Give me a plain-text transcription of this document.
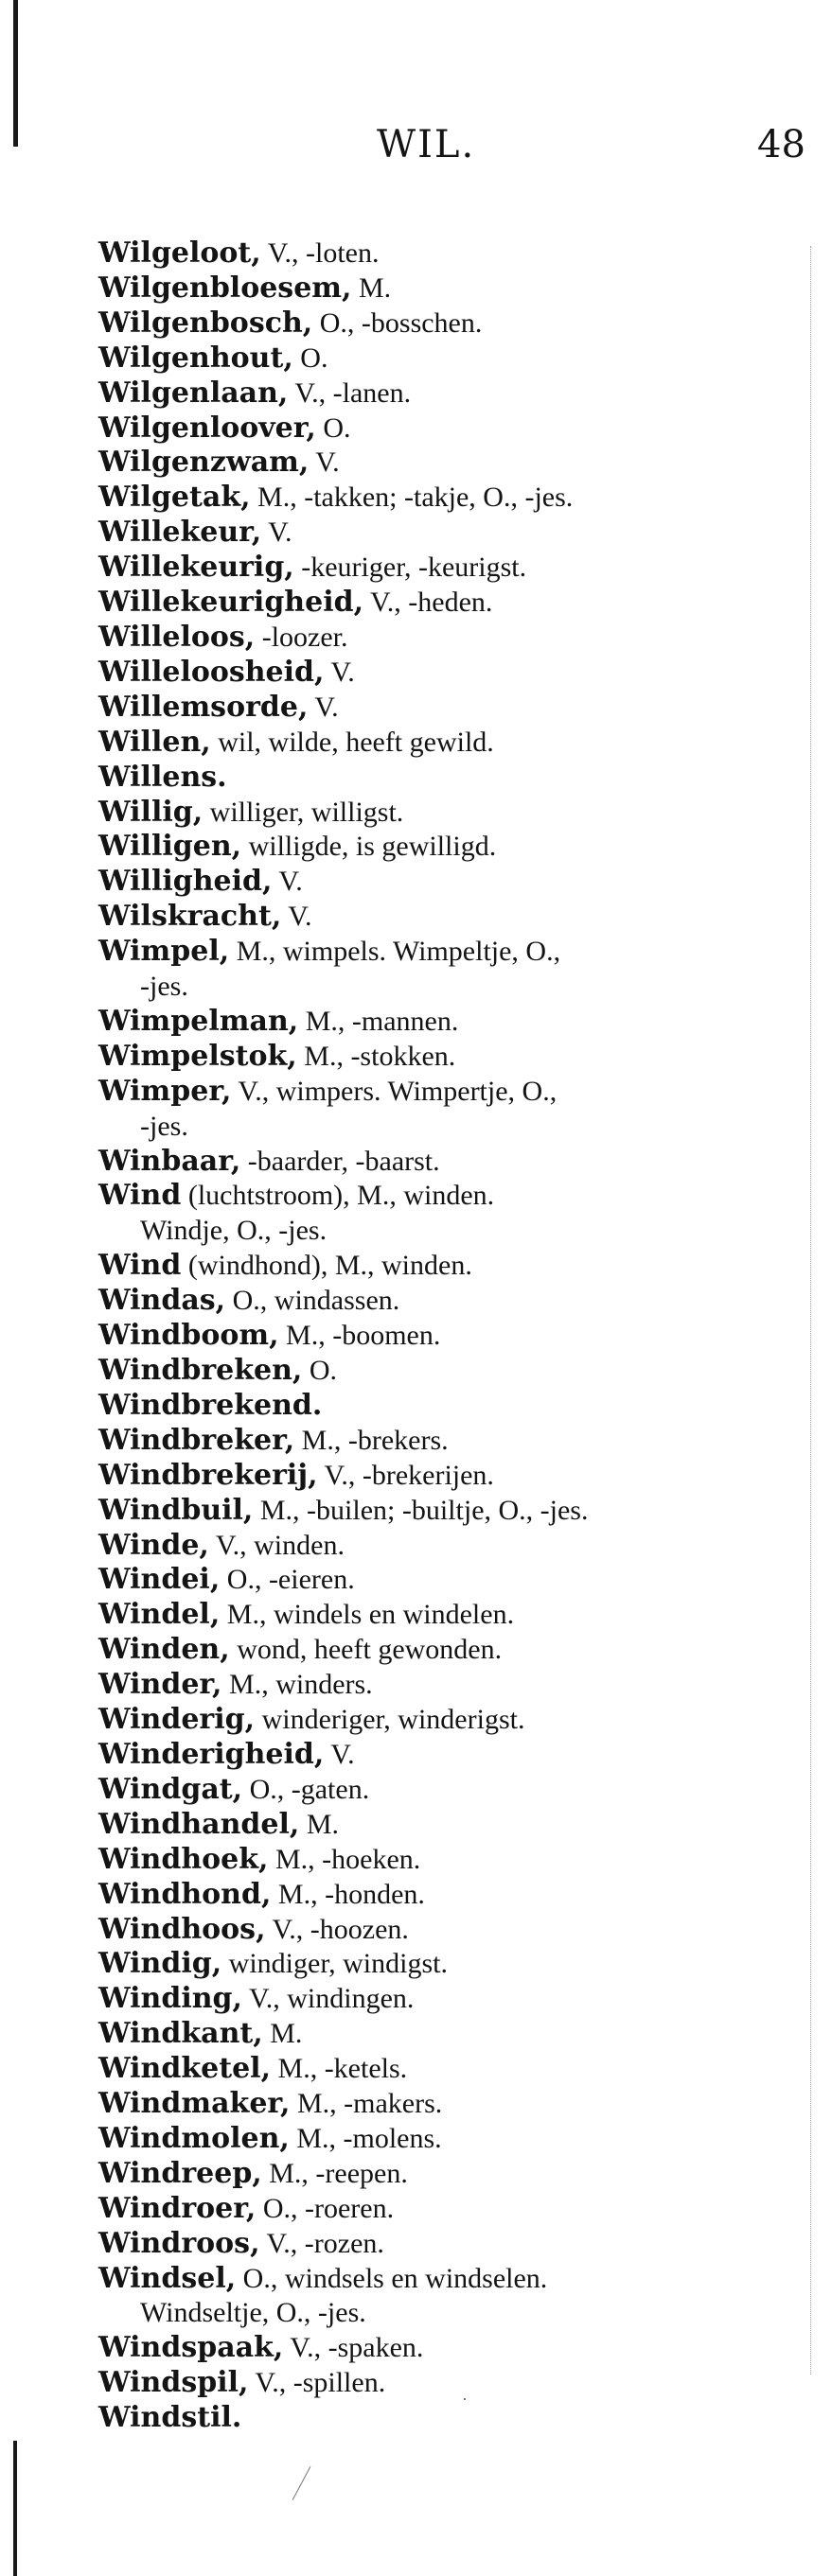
WIL.	48
Wilgeloot, V., -loten.
Wilgenbloesem, M.
Wilgenbosch, O., -bosschen.
Wilgenhout, O.
Wilgenlaan, V., -lanen.
Wilgenloover, O.
Wilgenzwam, V.
Wilgetak, M., -takken; -takje, O., -jes.
Willekeur, V.
Willekeurig, -keuriger, -keurigst.
Willekeurigheid, V., -heden.
Willeloos, -loozer.
Willeloosheid, V.
Willemsorde, V.
Willen, wil, wilde, heeft gewild.
Willens.
Willig, williger, willigst.
Willigen, willigde, is gewilligd.
Willigheid, V.
Wilskracht, V.
Wimpel, M., wimpels. Wimpeltje, O.,
-jes.
Wimpelman, M., -mannen.
Wimpelstok, M., -stokken.
Wimper, V., wimpers. Wimpertje, O.,
-jes.
Winbaar, -baarder, -baarst.
Wind (luchtstroom), M., winden.
Windje, O., -jes.
Wind (windhond), M., winden.
Windas, O., windassen.
Windboom, M., -boomen.
Windbreken, O.
Windbrekend.
Windbreker, M., -brekers.
Windbrekerij, V., -brekerijen.
Windbuil, M., -builen; -builtje, O., -jes.
Winde, V., winden.
Windei, O., -eieren.
Windel, M., windels en windelen.
Winden, wond, heeft gewonden.
Winder, M., winders.
Winderig, winderiger, winderigst.
Winderigheid, V.
Windgat, O., -gaten.
Windhandel, M.
Windhoek, M., -hoeken.
Windhond, M., -honden.
Windhoos, V., -hoozen.
Windig, windiger, windigst.
Winding, V., windingen.
Windkant, M.
Windketel, M., -ketels.
Windmaker, M., -makers.
Windmolen, M., -molens.
Windreep, M., -reepen.
Windroer, O., -roeren.
Windroos, V., -rozen.
Windsel, O., windsels en windselen.
Windseltje, O., -jes.
Windspaak, V., -spaken.
Windspil, V., -spillen.
Windstil.
